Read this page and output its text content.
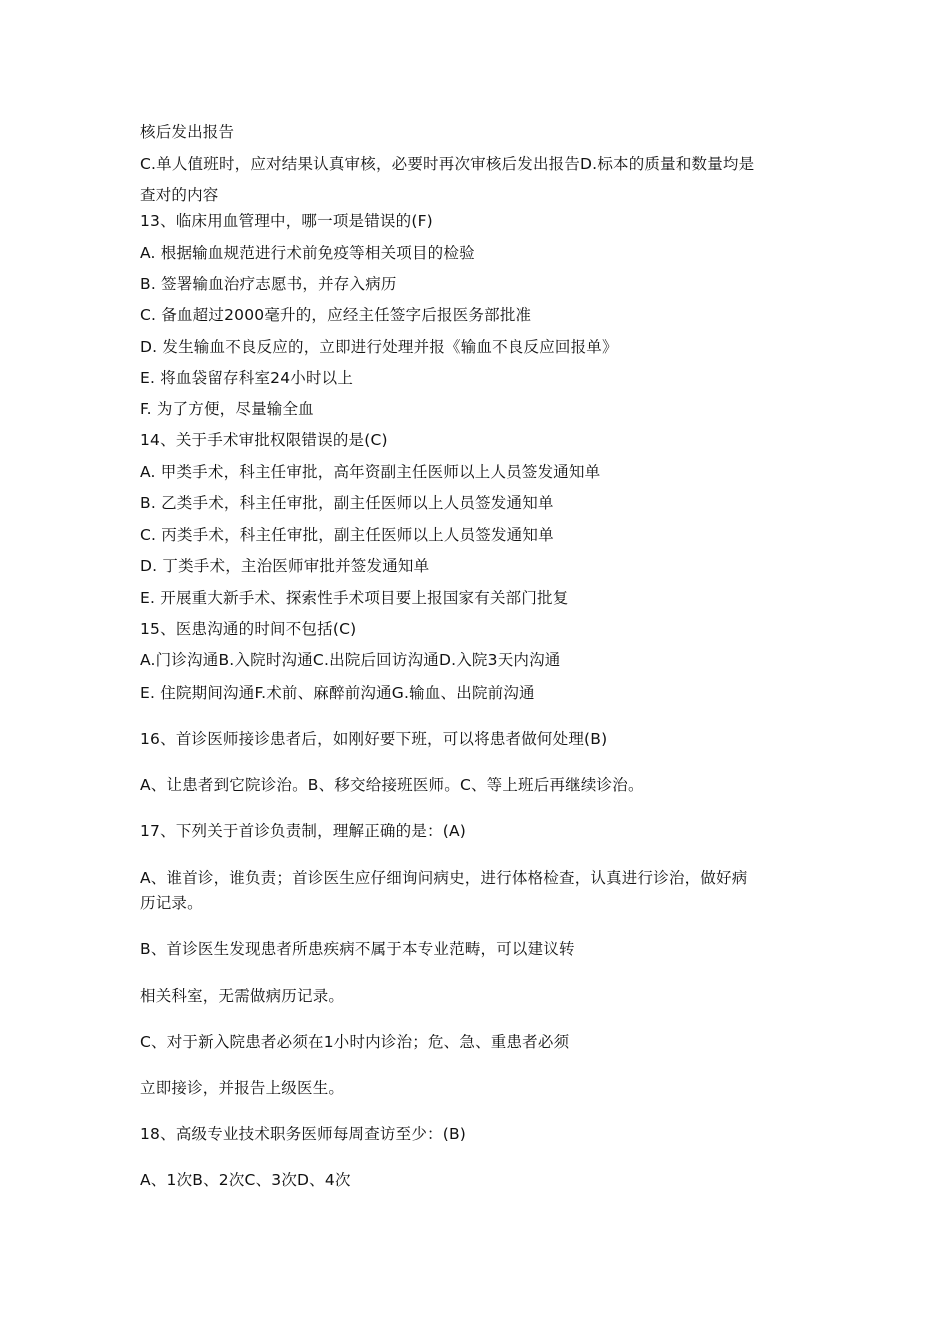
核后发出报告
C.单人值班时，应对结果认真审核，必要时再次审核后发出报告D.标本的质量和数量均是
查对的内容
13、临床用血管理中，哪一项是错误的(F)
A. 根据输血规范进行术前免疫等相关项目的检验
B. 签署输血治疗志愿书，并存入病历
C. 备血超过2000毫升的，应经主任签字后报医务部批准
D. 发生输血不良反应的，立即进行处理并报《输血不良反应回报单》
E. 将血袋留存科室24小时以上
F. 为了方便，尽量输全血
14、关于手术审批权限错误的是(C)
A. 甲类手术，科主任审批，高年资副主任医师以上人员签发通知单
B. 乙类手术，科主任审批，副主任医师以上人员签发通知单
C. 丙类手术，科主任审批，副主任医师以上人员签发通知单
D. 丁类手术，主治医师审批并签发通知单
E. 开展重大新手术、探索性手术项目要上报国家有关部门批复
15、医患沟通的时间不包括(C)
A.门诊沟通B.入院时沟通C.出院后回访沟通D.入院3天内沟通
E. 住院期间沟通F.术前、麻醉前沟通G.输血、出院前沟通
16、首诊医师接诊患者后，如刚好要下班，可以将患者做何处理(B)
A、让患者到它院诊治。B、移交给接班医师。C、等上班后再继续诊治。
17、下列关于首诊负责制，理解正确的是：(A)
A、谁首诊，谁负责；首诊医生应仔细询问病史，进行体格检查，认真进行诊治，做好病
历记录。
B、首诊医生发现患者所患疾病不属于本专业范畴，可以建议转
相关科室，无需做病历记录。
C、对于新入院患者必须在1小时内诊治；危、急、重患者必须
立即接诊，并报告上级医生。
18、高级专业技术职务医师每周查访至少：(B)
A、1次B、2次C、3次D、4次
